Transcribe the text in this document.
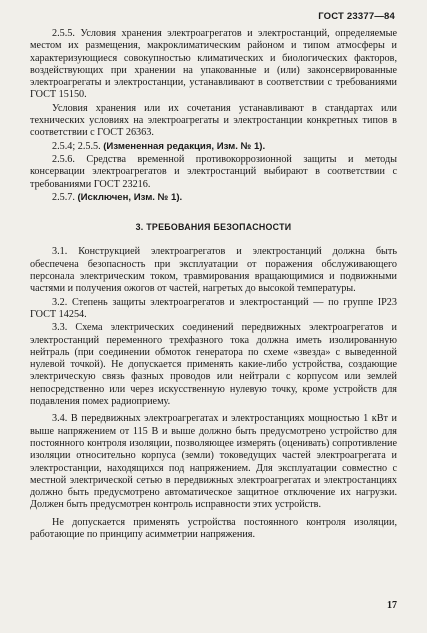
ГОСТ 23377—84

2.5.5. Условия хранения электроагрегатов и электростанций, определяемые местом их размещения, макроклиматическим районом и типом атмосферы и характеризующиеся совокупностью климатических и биологических факторов, воздействующих при хранении на упакованные и (или) законсервированные электроагрегаты и электростанции, устанавливают в соответствии с требованиями ГОСТ 15150.

Условия хранения или их сочетания устанавливают в стандартах или технических условиях на электроагрегаты и электростанции конкретных типов в соответствии с ГОСТ 26363.

2.5.4; 2.5.5. (Измененная редакция, Изм. № 1).

2.5.6. Средства временной противокоррозионной защиты и методы консервации электроагрегатов и электростанций выбирают в соответствии с требованиями ГОСТ 23216.

2.5.7. (Исключен, Изм. № 1).

3. ТРЕБОВАНИЯ БЕЗОПАСНОСТИ

3.1. Конструкцией электроагрегатов и электростанций должна быть обеспечена безопасность при эксплуатации от поражения обслуживающего персонала электрическим током, травмирования вращающимися и подвижными частями и получения ожогов от частей, нагретых до высокой температуры.

3.2. Степень защиты электроагрегатов и электростанций — по группе IP23 ГОСТ 14254.

3.3. Схема электрических соединений передвижных электроагрегатов и электростанций переменного трехфазного тока должна иметь изолированную нейтраль (при соединении обмоток генератора по схеме «звезда» с выведенной нулевой точкой). Не допускается применять какие-либо устройства, создающие электрическую связь фазных проводов или нейтрали с корпусом или землей непосредственно или через искусственную нулевую точку, кроме устройств для подавления помех радиоприему.

3.4. В передвижных электроагрегатах и электростанциях мощностью 1 кВт и выше напряжением от 115 В и выше должно быть предусмотрено устройство для постоянного контроля изоляции, позволяющее измерять (оценивать) сопротивление изоляции относительно корпуса (земли) токоведущих частей электроагрегата и электростанции, находящихся под напряжением. Для эксплуатации совместно с местной электрической сетью в передвижных электроагрегатах и электростанциях должно быть предусмотрено автоматическое защитное отключение их нагрузки. Должен быть предусмотрен контроль исправности этих устройств.

Не допускается применять устройства постоянного контроля изоляции, работающие по принципу асимметрии напряжения.

17
